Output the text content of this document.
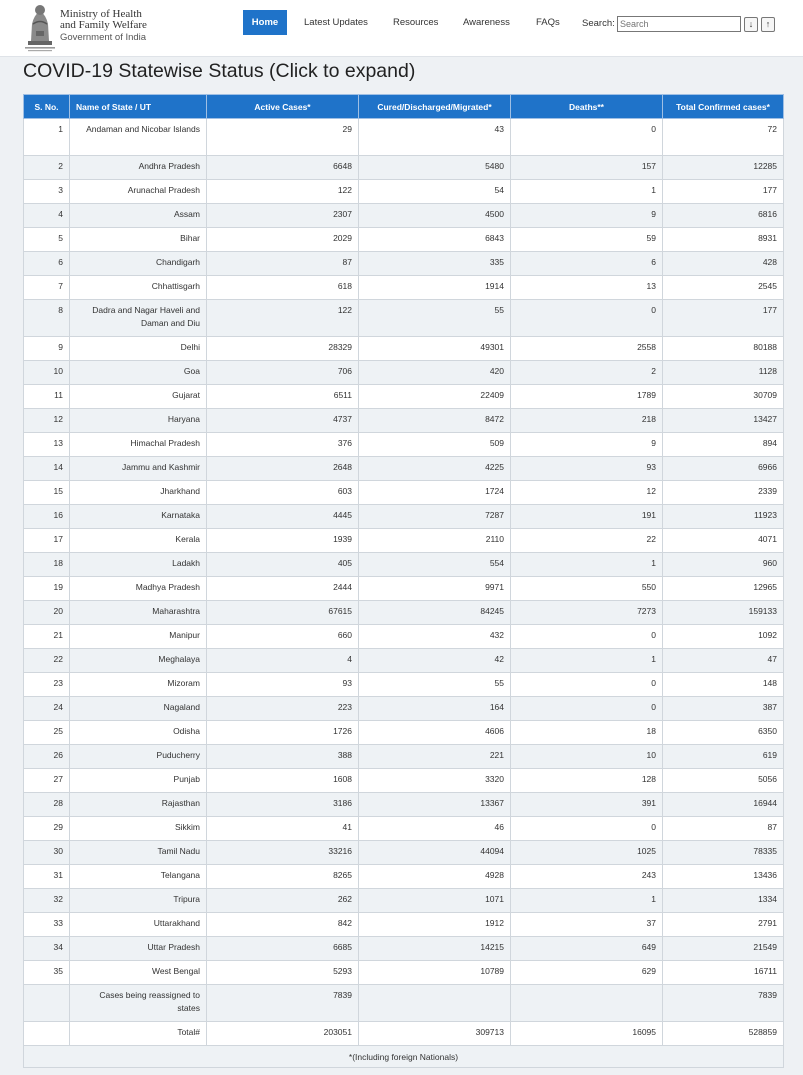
Ministry of Health
and Family Welfare
Government of India
Home	Latest Updates	Resources	Awareness	FAQs Search:
Search	↓	↑
COVID-19 Statewise Status (Click to expand)
S. No.	Name of State / UT	Active Cases*	Cured/Discharged/Migrated*	Deaths**	Total Confirmed cases*
1	Andaman and Nicobar Islands	29	43	0	72
2	Andhra Pradesh	6648	5480	157	12285
3	Arunachal Pradesh	122	54	1	177
4	Assam	2307	4500	9	6816
5	Bihar	2029	6843	59	8931
6	Chandigarh	87	335	6	428
7	Chhattisgarh	618	1914	13	2545
8	Dadra and Nagar Haveli and Daman and Diu	122	55	0	177
9	Delhi	28329	49301	2558	80188
10	Goa	706	420	2	1128
11	Gujarat	6511	22409	1789	30709
12	Haryana	4737	8472	218	13427
13	Himachal Pradesh	376	509	9	894
14	Jammu and Kashmir	2648	4225	93	6966
15	Jharkhand	603	1724	12	2339
16	Karnataka	4445	7287	191	11923
17	Kerala	1939	2110	22	4071
18	Ladakh	405	554	1	960
19	Madhya Pradesh	2444	9971	550	12965
20	Maharashtra	67615	84245	7273	159133
21	Manipur	660	432	0	1092
22	Meghalaya	4	42	1	47
23	Mizoram	93	55	0	148
24	Nagaland	223	164	0	387
25	Odisha	1726	4606	18	6350
26	Puducherry	388	221	10	619
27	Punjab	1608	3320	128	5056
28	Rajasthan	3186	13367	391	16944
29	Sikkim	41	46	0	87
30	Tamil Nadu	33216	44094	1025	78335
31	Telangana	8265	4928	243	13436
32	Tripura	262	1071	1	1334
33	Uttarakhand	842	1912	37	2791
34	Uttar Pradesh	6685	14215	649	21549
35	West Bengal	5293	10789	629	16711
	Cases being reassigned to states	7839			7839
	Total#	203051	309713	16095	528859
*(Including foreign Nationals)					
